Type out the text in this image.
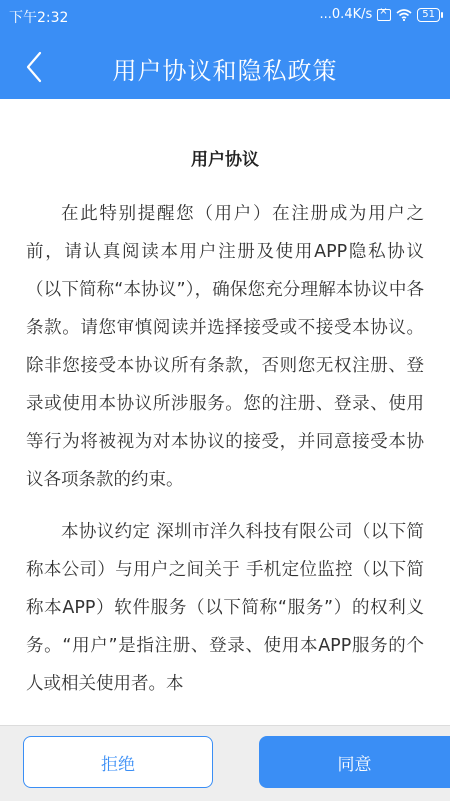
下午2:32	...0.4K/s
×	51
用户协议和隐私政策
用户协议

在此特别提醒您（用户）在注册成为用户之前，请认真阅读本用户注册及使用APP隐私协议（以下简称“本协议”），确保您充分理解本协议中各条款。请您审慎阅读并选择接受或不接受本协议。除非您接受本协议所有条款，否则您无权注册、登录或使用本协议所涉服务。您的注册、登录、使用等行为将被视为对本协议的接受，并同意接受本协议各项条款的约束。

本协议约定 深圳市洋久科技有限公司（以下简称本公司）与用户之间关于 手机定位监控（以下简称本APP）软件服务（以下简称“服务”）的权利义务。“用户”是指注册、登录、使用本APP服务的个人或相关使用者。本

拒绝	同意
